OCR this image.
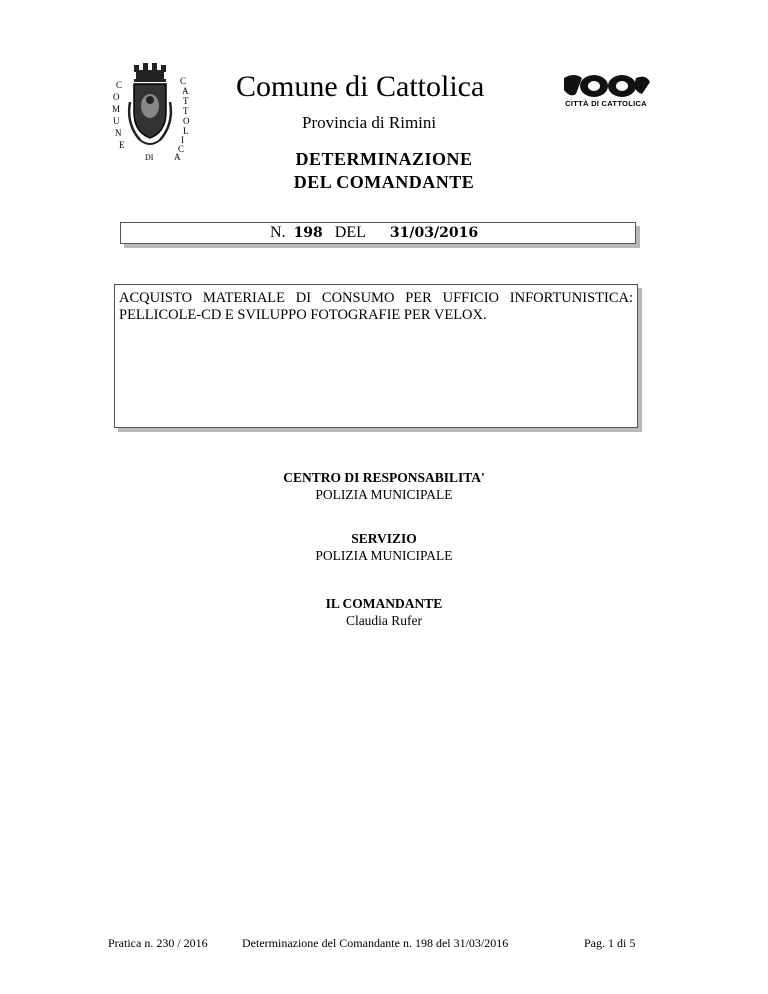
C
O
M
U
N
E
C
A
T
T
O
L
I
C
A
DI
Comune di Cattolica
Provincia di Rimini
CITTÀ DI CATTOLICA
DETERMINAZIONE
DEL COMANDANTE
N. 198 DEL 31/03/2016
ACQUISTO MATERIALE DI CONSUMO PER UFFICIO INFORTUNISTICA: PELLICOLE-CD E SVILUPPO FOTOGRAFIE PER VELOX.
CENTRO DI RESPONSABILITA'
POLIZIA MUNICIPALE
SERVIZIO
POLIZIA MUNICIPALE
IL COMANDANTE
Claudia Rufer
Pratica n. 230 / 2016	Determinazione del Comandante n. 198 del 31/03/2016	Pag. 1 di 5
